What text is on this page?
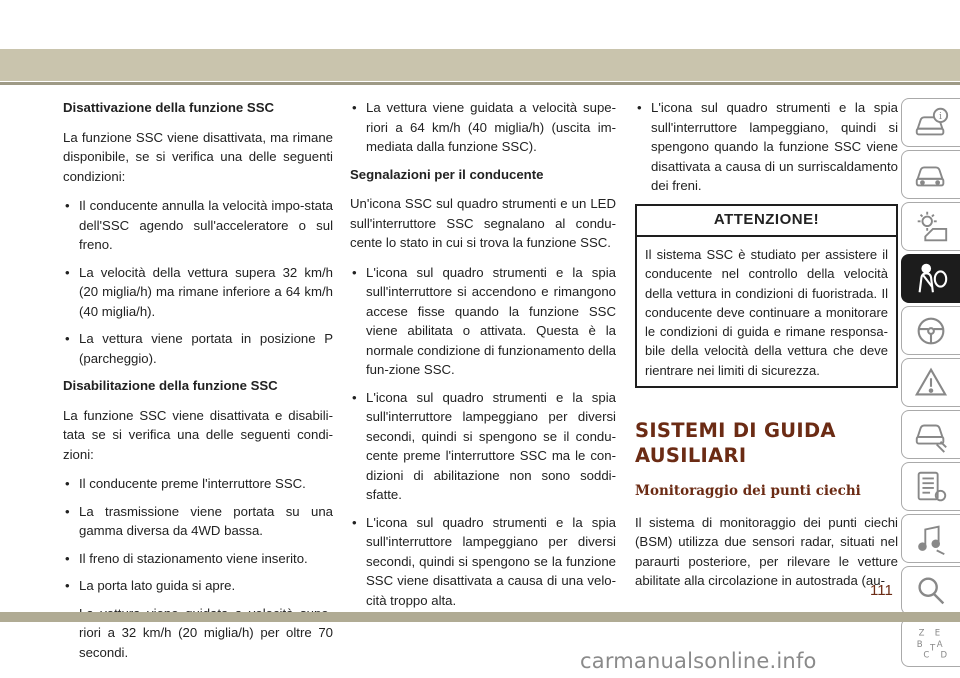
Disattivazione della funzione SSC

La funzione SSC viene disattivata, ma rimane disponibile, se si verifica una delle seguenti condizioni:

• Il conducente annulla la velocità impo-stata dell'SSC agendo sull'acceleratore o sul freno.
• La velocità della vettura supera 32 km/h (20 miglia/h) ma rimane inferiore a 64 km/h (40 miglia/h).
• La vettura viene portata in posizione P (parcheggio).
Disabilitazione della funzione SSC

La funzione SSC viene disattivata e disabili-tata se si verifica una delle seguenti condi-zioni:

• Il conducente preme l'interruttore SSC.
• La trasmissione viene portata su una gamma diversa da 4WD bassa.
• Il freno di stazionamento viene inserito.
• La porta lato guida si apre.
• riori a 32 km/h (20 miglia/h) per oltre 70 secondi.
• La vettura viene guidata a velocità supe-riori a 64 km/h (40 miglia/h) (uscita im-mediata dalla funzione SSC).
Segnalazioni per il conducente

Un'icona SSC sul quadro strumenti e un LED sull'interruttore SSC segnalano al condu-cente lo stato in cui si trova la funzione SSC.

• L'icona sul quadro strumenti e la spia sull'interruttore si accendono e rimangono accese fisse quando la funzione SSC viene abilitata o attivata. Questa è la normale condizione di funzionamento della fun-zione SSC.
• L'icona sul quadro strumenti e la spia sull'interruttore lampeggiano per diversi secondi, quindi si spengono se il condu-cente preme l'interruttore SSC ma le con-dizioni di abilitazione non sono soddi-sfatte.
• L'icona sul quadro strumenti e la spia sull'interruttore lampeggiano per diversi secondi, quindi si spengono se la funzione SSC viene disattivata a causa di una velo-cità troppo alta.
• L'icona sul quadro strumenti e la spia sull'interruttore lampeggiano, quindi si spengono quando la funzione SSC viene disattivata a causa di un surriscaldamento dei freni.
ATTENZIONE!
Il sistema SSC è studiato per assistere il conducente nel controllo della velocità della vettura in condizioni di fuoristrada. Il conducente deve continuare a monitorare le condizioni di guida e rimane responsa-bile della velocità della vettura che deve rientrare nei limiti di sicurezza.
SISTEMI DI GUIDA
AUSILIARI
Monitoraggio dei punti ciechi

Il sistema di monitoraggio dei punti ciechi (BSM) utilizza due sensori radar, situati nel paraurti posteriore, per rilevare le vetture abilitate alla circolazione in autostrada (au-

i
Z E
B A
C D
T
111
carmanualsonline.info
